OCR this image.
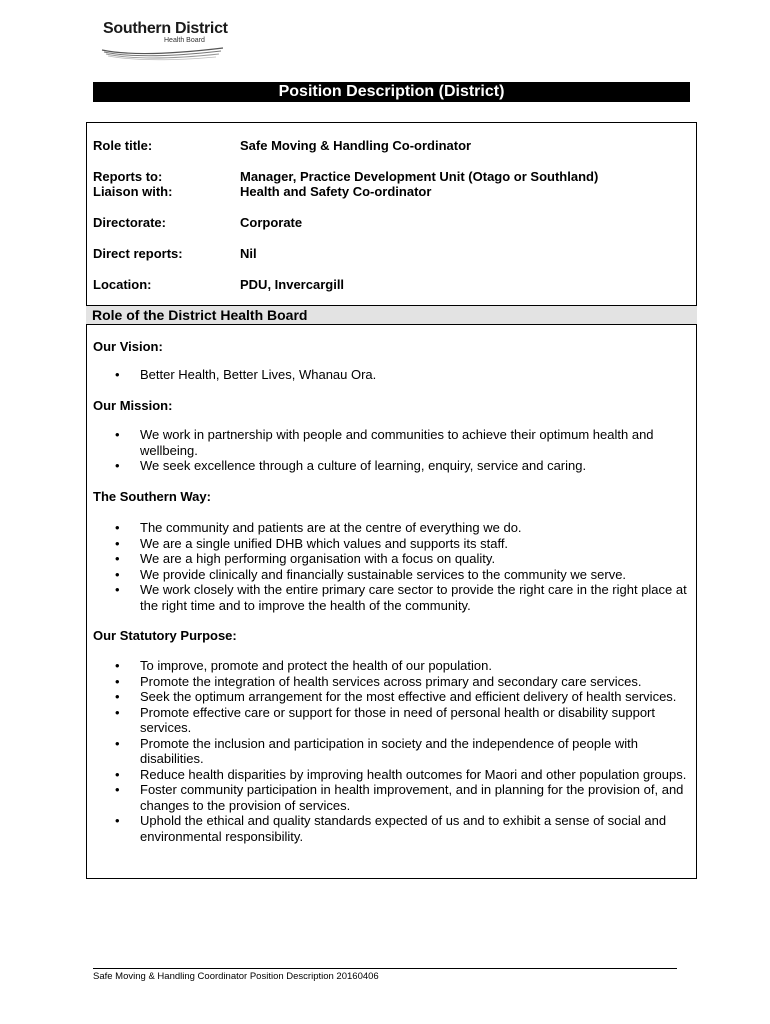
Southern District
Health Board
Position Description (District)
Role title:	Safe Moving & Handling Co-ordinator
Reports to:	Manager, Practice Development Unit (Otago or Southland)
Liaison with:	Health and Safety Co-ordinator
Directorate:	Corporate
Direct reports:	Nil
Location:	PDU, Invercargill
Role of the District Health Board
Our Vision:
• Better Health, Better Lives, Whanau Ora.
Our Mission:
• We work in partnership with people and communities to achieve their optimum health and wellbeing.
• We seek excellence through a culture of learning, enquiry, service and caring.
The Southern Way:
• The community and patients are at the centre of everything we do.
• We are a single unified DHB which values and supports its staff.
• We are a high performing organisation with a focus on quality.
• We provide clinically and financially sustainable services to the community we serve.
• We work closely with the entire primary care sector to provide the right care in the right place at the right time and to improve the health of the community.
Our Statutory Purpose:
• To improve, promote and protect the health of our population.
• Promote the integration of health services across primary and secondary care services.
• Seek the optimum arrangement for the most effective and efficient delivery of health services.
• Promote effective care or support for those in need of personal health or disability support services.
• Promote the inclusion and participation in society and the independence of people with disabilities.
• Reduce health disparities by improving health outcomes for Maori and other population groups.
• Foster community participation in health improvement, and in planning for the provision of, and changes to the provision of services.
• Uphold the ethical and quality standards expected of us and to exhibit a sense of social and environmental responsibility.
Safe Moving & Handling Coordinator Position Description 20160406
